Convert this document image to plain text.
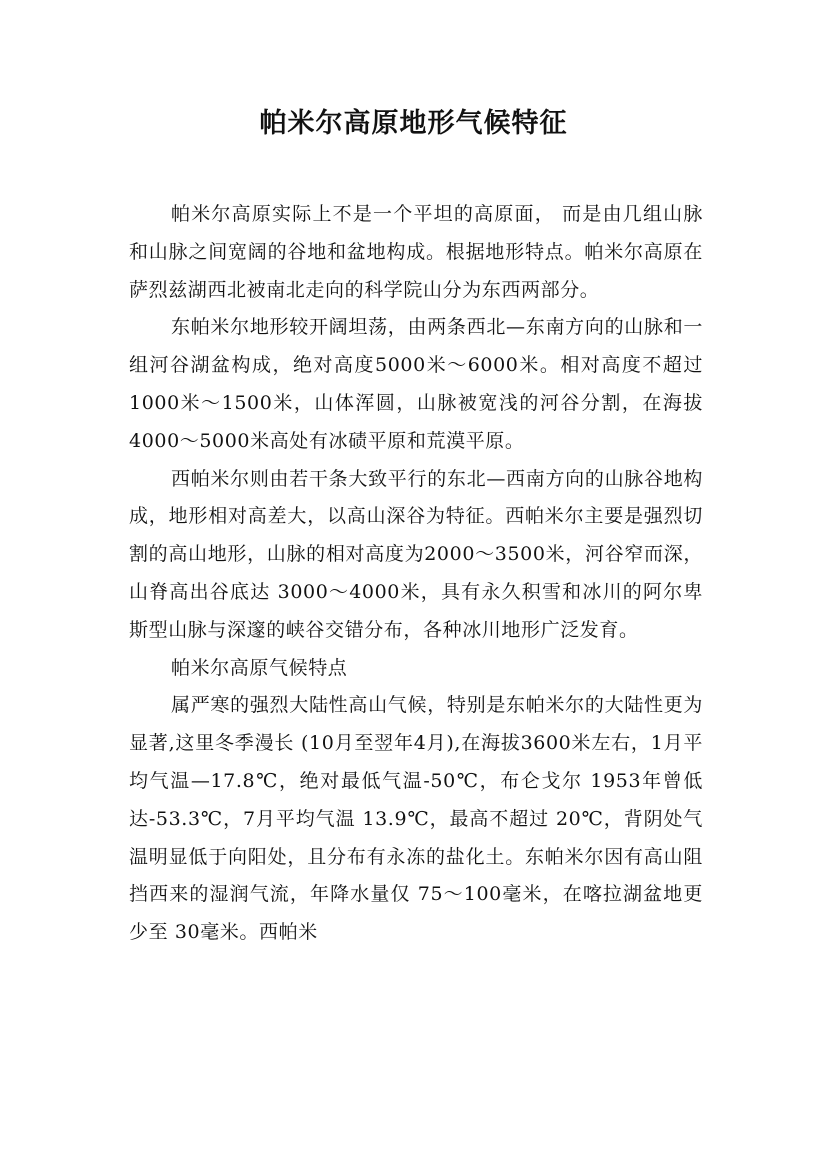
帕米尔高原地形气候特征

帕米尔高原实际上不是一个平坦的高原面， 而是由几组山脉和山脉之间宽阔的谷地和盆地构成。根据地形特点。帕米尔高原在萨烈兹湖西北被南北走向的科学院山分为东西两部分。

东帕米尔地形较开阔坦荡，由两条西北—东南方向的山脉和一组河谷湖盆构成，绝对高度5000米～6000米。相对高度不超过1000米～1500米，山体浑圆，山脉被宽浅的河谷分割，在海拔4000～5000米高处有冰碛平原和荒漠平原。

西帕米尔则由若干条大致平行的东北—西南方向的山脉谷地构成，地形相对高差大，以高山深谷为特征。西帕米尔主要是强烈切割的高山地形，山脉的相对高度为2000～3500米，河谷窄而深，山脊高出谷底达 3000～4000米，具有永久积雪和冰川的阿尔卑斯型山脉与深邃的峡谷交错分布，各种冰川地形广泛发育。

帕米尔高原气候特点

属严寒的强烈大陆性高山气候，特别是东帕米尔的大陆性更为显著,这里冬季漫长 (10月至翌年4月),在海拔3600米左右，1月平均气温—17.8℃，绝对最低气温-50℃，布仑戈尔 1953年曾低达-53.3℃，7月平均气温 13.9℃，最高不超过 20℃，背阴处气温明显低于向阳处，且分布有永冻的盐化土。东帕米尔因有高山阻挡西来的湿润气流，年降水量仅 75～100毫米，在喀拉湖盆地更少至 30毫米。西帕米
